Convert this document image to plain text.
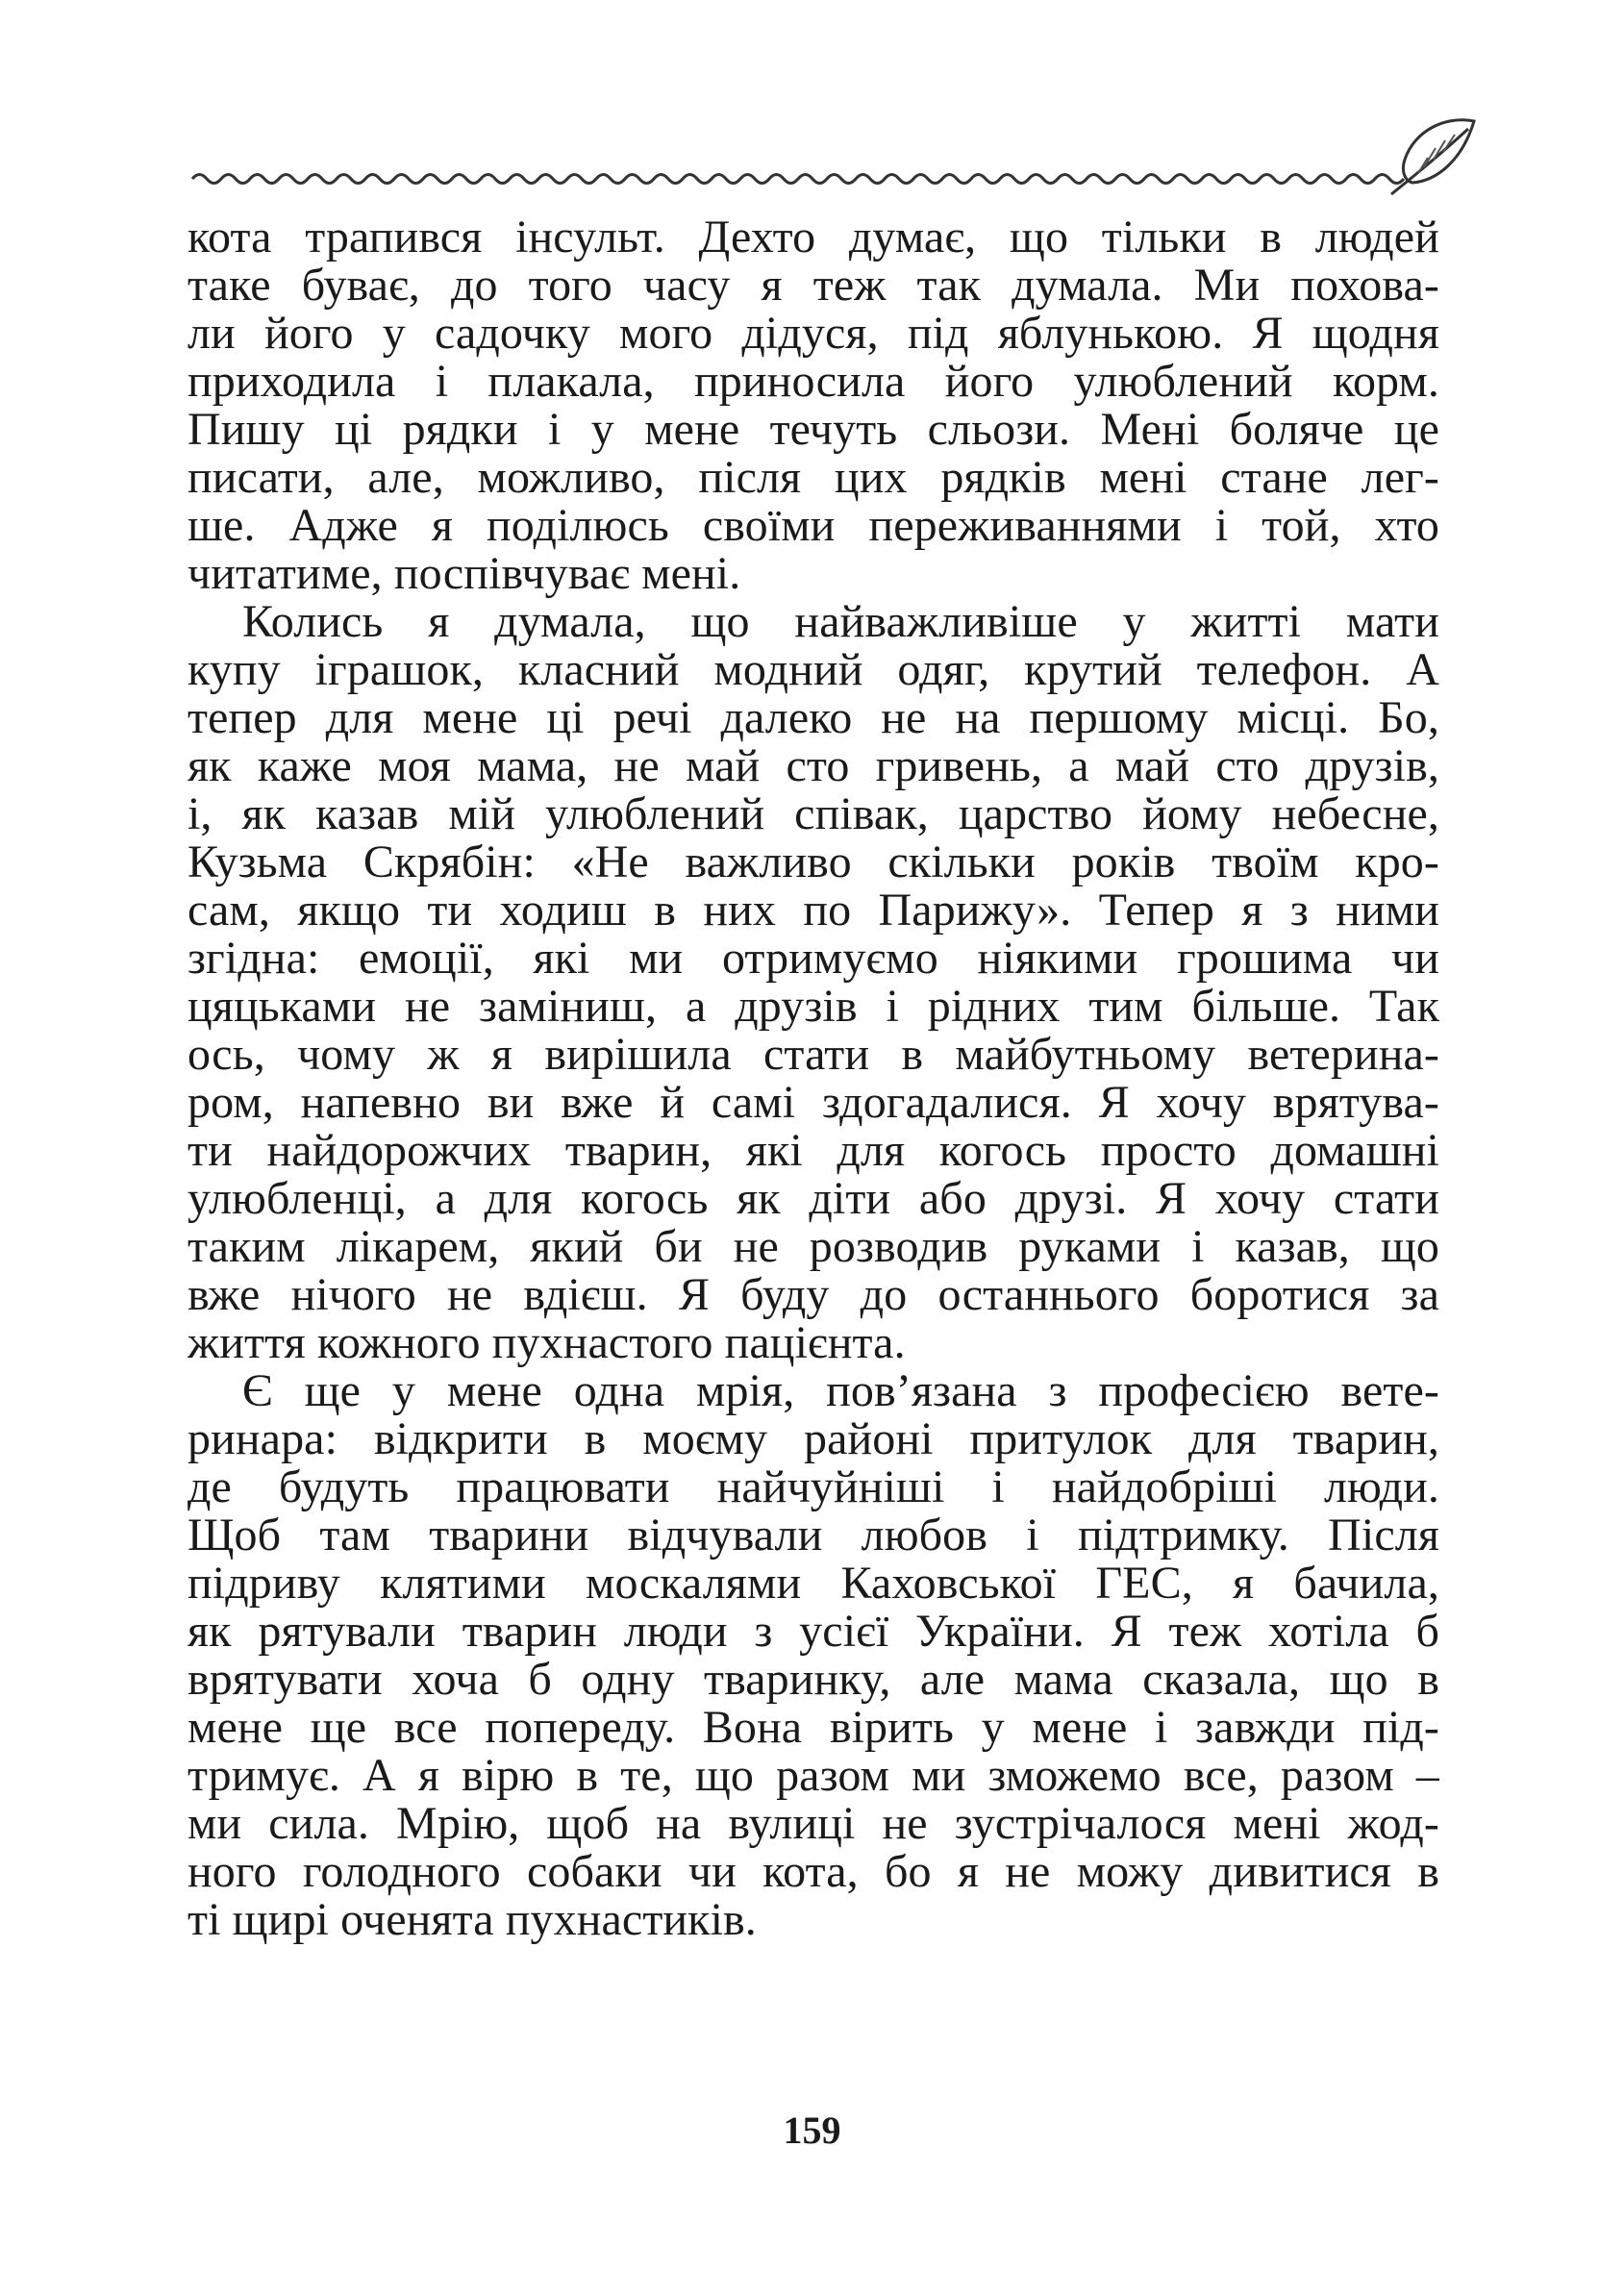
кота трапився інсульт. Дехто думає, що тільки в людей
таке буває, до того часу я теж так думала. Ми похова-
ли його у садочку мого дідуся, під яблунькою. Я щодня
приходила і плакала, приносила його улюблений корм.
Пишу ці рядки і у мене течуть сльози. Мені боляче це
писати, але, можливо, після цих рядків мені стане лег-
ше. Адже я поділюсь своїми переживаннями і той, хто
читатиме, поспівчуває мені.
Колись я думала, що найважливіше у житті мати
купу іграшок, класний модний одяг, крутий телефон. А
тепер для мене ці речі далеко не на першому місці. Бо,
як каже моя мама, не май сто гривень, а май сто друзів,
і, як казав мій улюблений співак, царство йому небесне,
Кузьма Скрябін: «Не важливо скільки років твоїм кро-
сам, якщо ти ходиш в них по Парижу». Тепер я з ними
згідна: емоції, які ми отримуємо ніякими грошима чи
цяцьками не заміниш, а друзів і рідних тим більше. Так
ось, чому ж я вирішила стати в майбутньому ветерина-
ром, напевно ви вже й самі здогадалися. Я хочу врятува-
ти найдорожчих тварин, які для когось просто домашні
улюбленці, а для когось як діти або друзі. Я хочу стати
таким лікарем, який би не розводив руками і казав, що
вже нічого не вдієш. Я буду до останнього боротися за
життя кожного пухнастого пацієнта.
Є ще у мене одна мрія, пов’язана з професією вете-
ринара: відкрити в моєму районі притулок для тварин,
де будуть працювати найчуйніші і найдобріші люди.
Щоб там тварини відчували любов і підтримку. Після
підриву клятими москалями Каховської ГЕС, я бачила,
як рятували тварин люди з усієї України. Я теж хотіла б
врятувати хоча б одну тваринку, але мама сказала, що в
мене ще все попереду. Вона вірить у мене і завжди під-
тримує. А я вірю в те, що разом ми зможемо все, разом –
ми сила. Мрію, щоб на вулиці не зустрічалося мені жод-
ного голодного собаки чи кота, бо я не можу дивитися в
ті щирі оченята пухнастиків.
159
